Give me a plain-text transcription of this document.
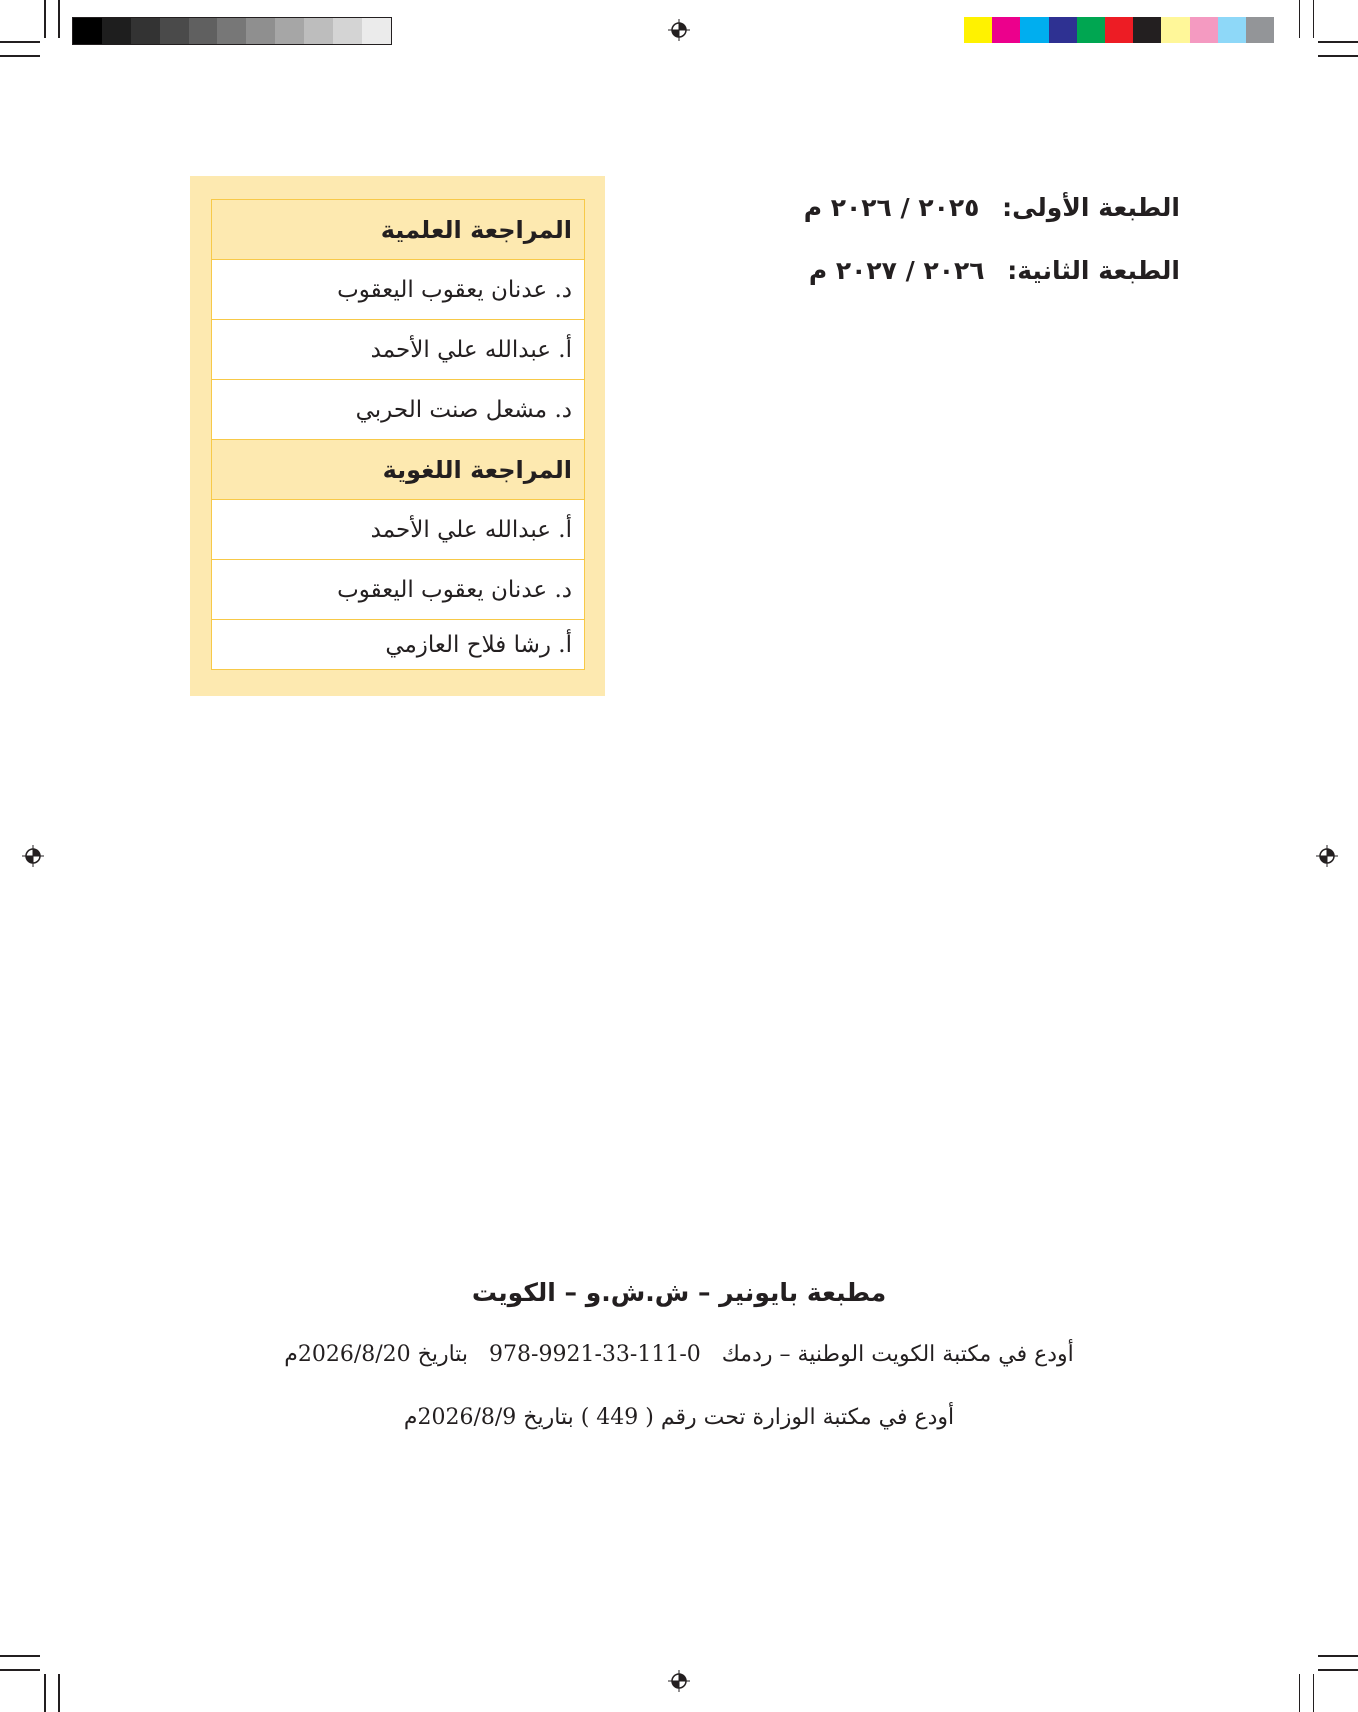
الطبعة الأولى: ٢٠٢٥ / ٢٠٢٦ م
الطبعة الثانية: ٢٠٢٦ / ٢٠٢٧ م
المراجعة العلمية
د. عدنان يعقوب اليعقوب
أ. عبدالله علي الأحمد
د. مشعل صنت الحربي
المراجعة اللغوية
أ. عبدالله علي الأحمد
د. عدنان يعقوب اليعقوب
أ. رشا فلاح العازمي
مطبعة بايونير – ش.ش.و – الكويت
أودع في مكتبة الكويت الوطنية – ردمك 978-9921-33-111-0 بتاريخ 2026/8/20م
أودع في مكتبة الوزارة تحت رقم ( 449 ) بتاريخ 2026/8/9م
